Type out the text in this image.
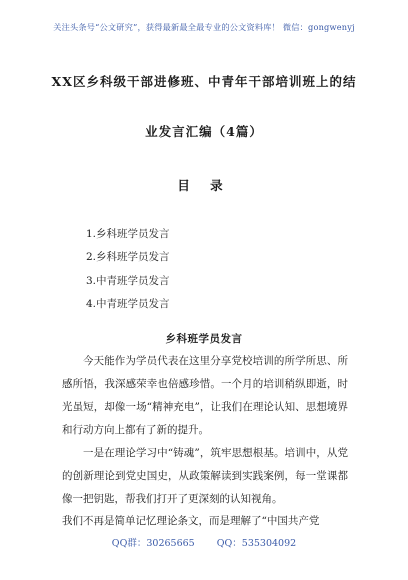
关注头条号“公文研究”，获得最新最全最专业的公文资料库！ 微信：gongwenyj
XX区乡科级干部进修班、中青年干部培训班上的结
业发言汇编（4篇）
目 录
1.乡科班学员发言
2.乡科班学员发言
3.中青班学员发言
4.中青班学员发言
乡科班学员发言

今天能作为学员代表在这里分享党校培训的所学所思、所感所悟，我深感荣幸也倍感珍惜。一个月的培训稍纵即逝，时光虽短，却像一场“精神充电”，让我们在理论认知、思想境界和行动方向上都有了新的提升。

一是在理论学习中“铸魂”，筑牢思想根基。培训中，从党的创新理论到党史国史，从政策解读到实践案例，每一堂课都像一把钥匙，帮我们打开了更深刻的认知视角。

我们不再是简单记忆理论条文，而是理解了“中国共产党

QQ群：30265665 QQ：535304092
